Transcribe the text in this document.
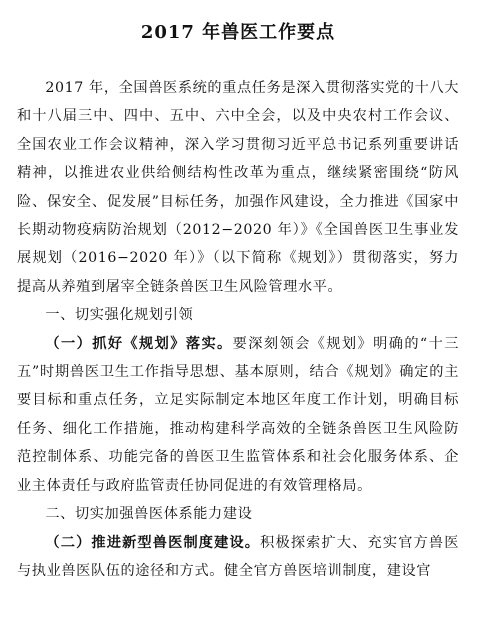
2017 年兽医工作要点
2017 年，全国兽医系统的重点任务是深入贯彻落实党的十八大和十八届三中、四中、五中、六中全会，以及中央农村工作会议、全国农业工作会议精神，深入学习贯彻习近平总书记系列重要讲话精神，以推进农业供给侧结构性改革为重点，继续紧密围绕“防风险、保安全、促发展”目标任务，加强作风建设，全力推进《国家中长期动物疫病防治规划（2012−2020 年）》《全国兽医卫生事业发展规划（2016−2020 年）》（以下简称《规划》）贯彻落实，努力提高从养殖到屠宰全链条兽医卫生风险管理水平。
一、切实强化规划引领
（一）抓好《规划》落实。要深刻领会《规划》明确的“十三五”时期兽医卫生工作指导思想、基本原则，结合《规划》确定的主要目标和重点任务，立足实际制定本地区年度工作计划，明确目标任务、细化工作措施，推动构建科学高效的全链条兽医卫生风险防范控制体系、功能完备的兽医卫生监管体系和社会化服务体系、企业主体责任与政府监管责任协同促进的有效管理格局。
二、切实加强兽医体系能力建设
（二）推进新型兽医制度建设。积极探索扩大、充实官方兽医与执业兽医队伍的途径和方式。健全官方兽医培训制度，建设官
